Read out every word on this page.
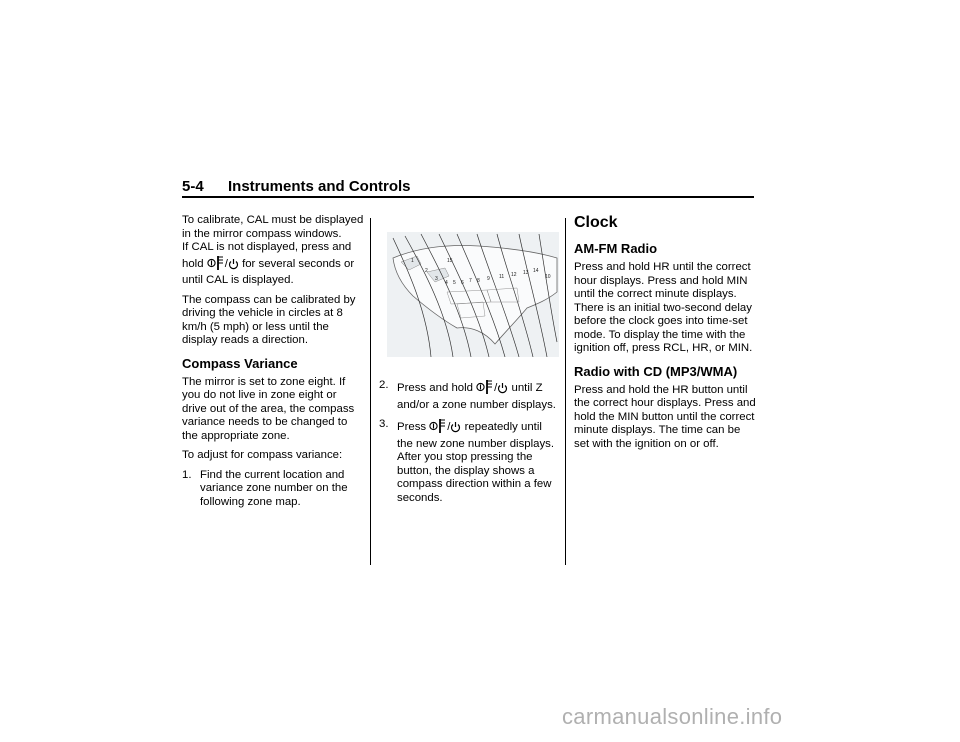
5-4 Instruments and Controls

To calibrate, CAL must be displayed
in the mirror compass windows.
If CAL is not displayed, press and
hold / for several seconds or
until CAL is displayed.

The compass can be calibrated by driving the vehicle in circles at 8 km/h (5 mph) or less until the display reads a direction.

Compass Variance

The mirror is set to zone eight. If you do not live in zone eight or drive out of the area, the compass variance needs to be changed to the appropriate zone.

To adjust for compass variance:

1. Find the current location and variance zone number on the following zone map.
1
2
3
4 5 6 7 8 9	10
11 12 13 14
15
2. Press and hold / until Z and/or a zone number displays.
3. Press / repeatedly until the new zone number displays. After you stop pressing the button, the display shows a compass direction within a few seconds.
Clock
AM-FM Radio

Press and hold HR until the correct hour displays. Press and hold MIN until the correct minute displays. There is an initial two-second delay before the clock goes into time-set mode. To display the time with the ignition off, press RCL, HR, or MIN.

Radio with CD (MP3/WMA)

Press and hold the HR button until the correct hour displays. Press and hold the MIN button until the correct minute displays. The time can be set with the ignition on or off.

carmanualsonline.info
